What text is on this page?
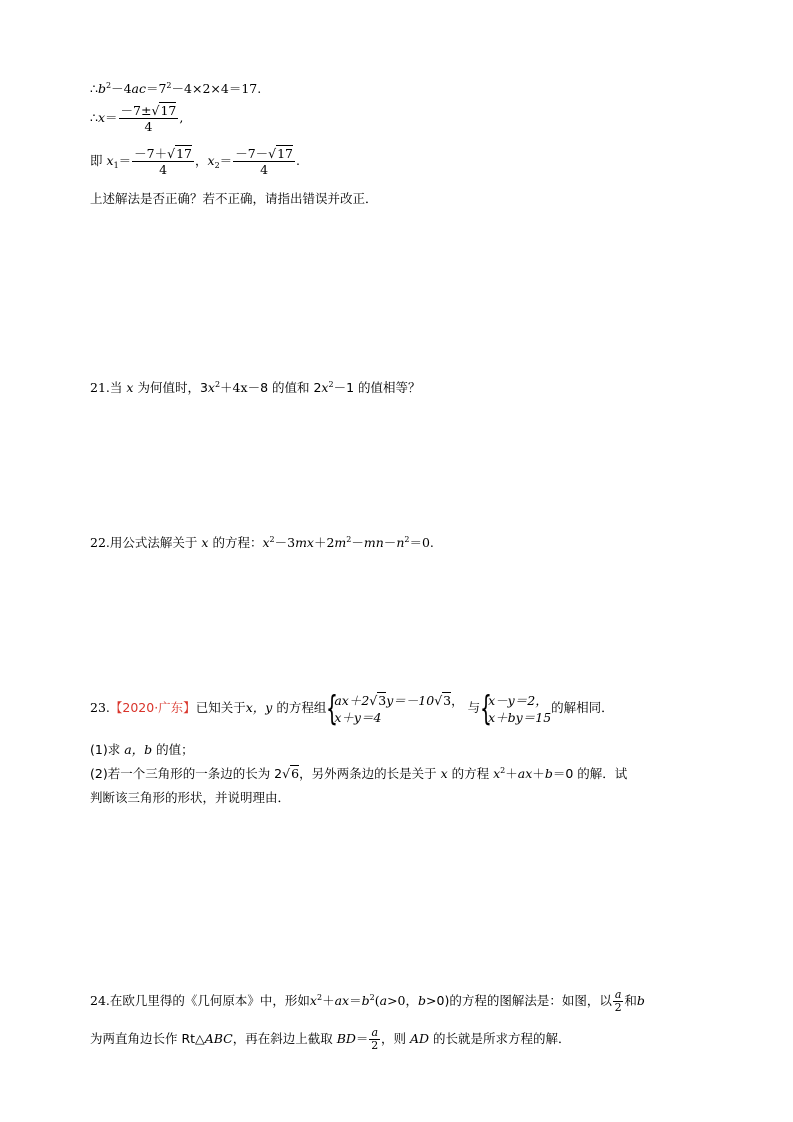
$\therefore b^2-4ac=7^2-4\times 2\times 4=17$.
∴x＝ $\frac{-7\pm√17}{4}$ ,
即 $x_1= \frac{-7+√17}{4}$ ，$x_2= \frac{-7-√17}{4}$ .
上述解法是否正确？若不正确，请指出错误并改正．
21.当 x 为何值时，$3x^2+4x-8$ 的值和 $2x^2-1$ 的值相等？
22.用公式法解关于 x 的方程：$x^2-3mx+2m^2-mn-n^2=0$.
23.【2020·广东】已知关于x，y 的方程组 {
ax＋2√3y＝－10√3，
x＋y＝4
与 {
x－y＝2，
x＋by＝15
的解相同．
(1)求 a，b 的值；
(2)若一个三角形的一条边的长为 2√6，另外两条边的长是关于 x 的方程 $x^2+ax+b=0$ 的解．试
判断该三角形的形状，并说明理由．
24.在欧几里得的《几何原本》中，形如$x^2+ax=b^2(a>0$，b>0)的方程的图解法是：如图，以 $\frac{a}{2}$ 和b
为两直角边长作 Rt△ABC，再在斜边上截取 $BD= \frac{a}{2}$ ，则 AD 的长就是所求方程的解．
